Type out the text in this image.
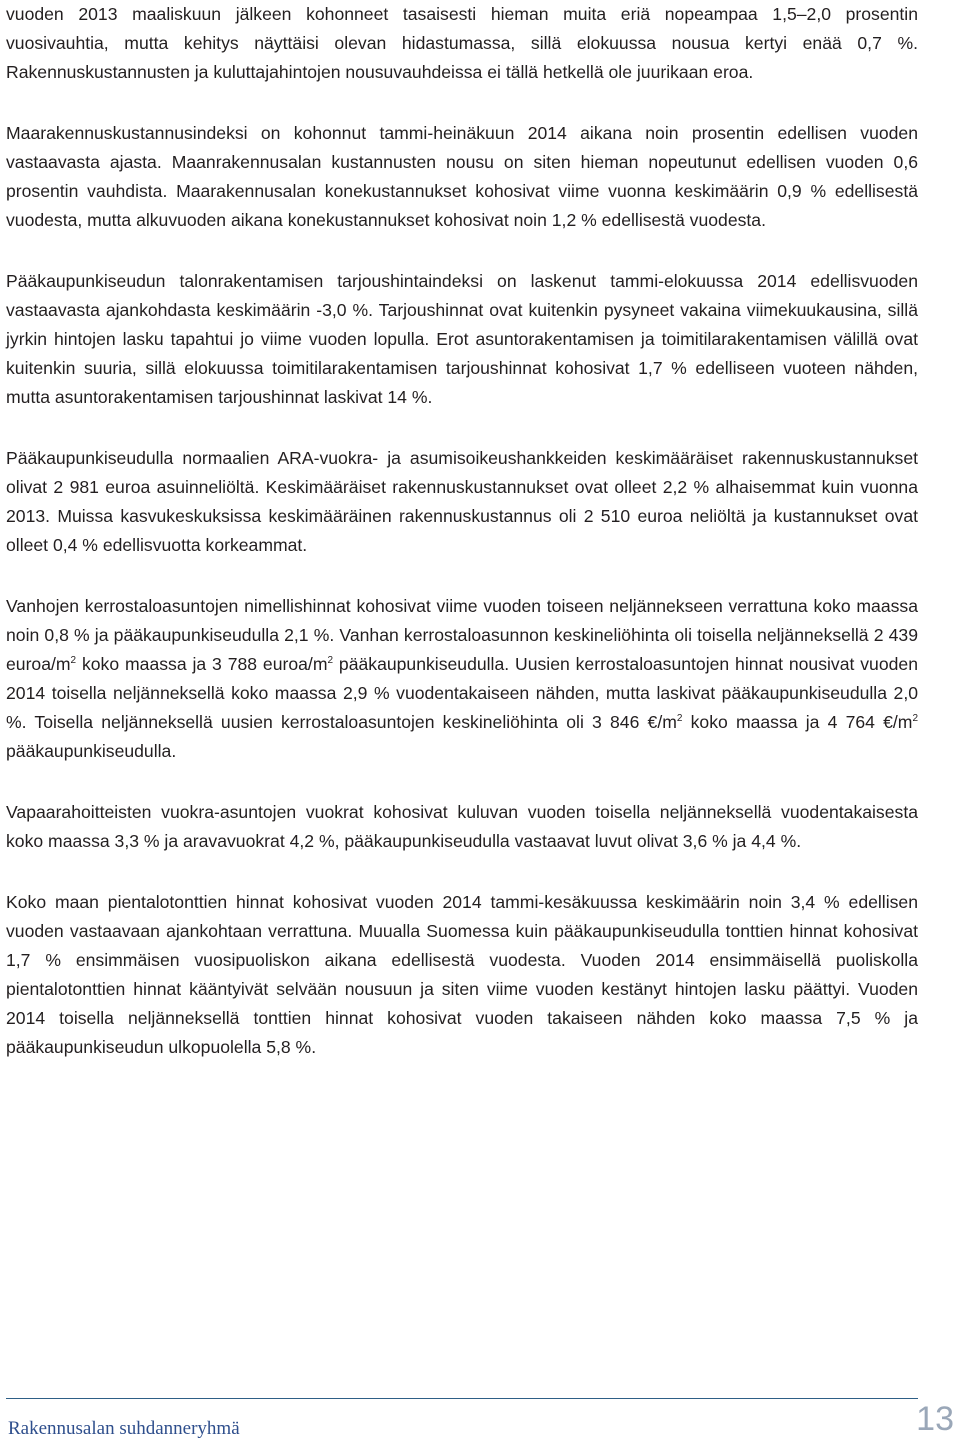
vuoden 2013 maaliskuun jälkeen kohonneet tasaisesti hieman muita eriä nopeampaa 1,5–2,0 prosentin vuosivauhtia, mutta kehitys näyttäisi olevan hidastumassa, sillä elokuussa nousua kertyi enää 0,7 %. Rakennuskustannusten ja kuluttajahintojen nousuvauhdeissa ei tällä hetkellä ole juurikaan eroa.

Maarakennuskustannusindeksi on kohonnut tammi-heinäkuun 2014 aikana noin prosentin edellisen vuoden vastaavasta ajasta. Maanrakennusalan kustannusten nousu on siten hieman nopeutunut edellisen vuoden 0,6 prosentin vauhdista. Maarakennusalan konekustannukset kohosivat viime vuonna keskimäärin 0,9 % edellisestä vuodesta, mutta alkuvuoden aikana konekustannukset kohosivat noin 1,2 % edellisestä vuodesta.

Pääkaupunkiseudun talonrakentamisen tarjoushintaindeksi on laskenut tammi-elokuussa 2014 edellisvuoden vastaavasta ajankohdasta keskimäärin -3,0 %. Tarjoushinnat ovat kuitenkin pysyneet vakaina viimekuukausina, sillä jyrkin hintojen lasku tapahtui jo viime vuoden lopulla. Erot asuntorakentamisen ja toimitilarakentamisen välillä ovat kuitenkin suuria, sillä elokuussa toimitilarakentamisen tarjoushinnat kohosivat 1,7 % edelliseen vuoteen nähden, mutta asuntorakentamisen tarjoushinnat laskivat 14 %.

Pääkaupunkiseudulla normaalien ARA-vuokra- ja asumisoikeushankkeiden keskimääräiset rakennuskustannukset olivat 2 981 euroa asuinneliöltä. Keskimääräiset rakennuskustannukset ovat olleet 2,2 % alhaisemmat kuin vuonna 2013. Muissa kasvukeskuksissa keskimääräinen rakennuskustannus oli 2 510 euroa neliöltä ja kustannukset ovat olleet 0,4 % edellisvuotta korkeammat.

Vanhojen kerrostaloasuntojen nimellishinnat kohosivat viime vuoden toiseen neljännekseen verrattuna koko maassa noin 0,8 % ja pääkaupunkiseudulla 2,1 %. Vanhan kerrostaloasunnon keskineliöhinta oli toisella neljänneksellä 2 439 euroa/$m^2$ koko maassa ja 3 788 euroa/$m^2$ pääkaupunkiseudulla. Uusien kerrostaloasuntojen hinnat nousivat vuoden 2014 toisella neljänneksellä koko maassa 2,9 % vuodentakaiseen nähden, mutta laskivat pääkaupunkiseudulla 2,0 %. Toisella neljänneksellä uusien kerrostaloasuntojen keskineliöhinta oli 3 846 $€/m^2$ koko maassa ja 4 764 $€/m^2$ pääkaupunkiseudulla.

Vapaarahoitteisten vuokra-asuntojen vuokrat kohosivat kuluvan vuoden toisella neljänneksellä vuodentakaisesta koko maassa 3,3 % ja aravavuokrat 4,2 %, pääkaupunkiseudulla vastaavat luvut olivat 3,6 % ja 4,4 %.

Koko maan pientalotonttien hinnat kohosivat vuoden 2014 tammi-kesäkuussa keskimäärin noin 3,4 % edellisen vuoden vastaavaan ajankohtaan verrattuna. Muualla Suomessa kuin pääkaupunkiseudulla tonttien hinnat kohosivat 1,7 % ensimmäisen vuosipuoliskon aikana edellisestä vuodesta. Vuoden 2014 ensimmäisellä puoliskolla pientalotonttien hinnat kääntyivät selvään nousuun ja siten viime vuoden kestänyt hintojen lasku päättyi. Vuoden 2014 toisella neljänneksellä tonttien hinnat kohosivat vuoden takaiseen nähden koko maassa 7,5 % ja pääkaupunkiseudun ulkopuolella 5,8 %.

Rakennusalan suhdanneryhmä	13
